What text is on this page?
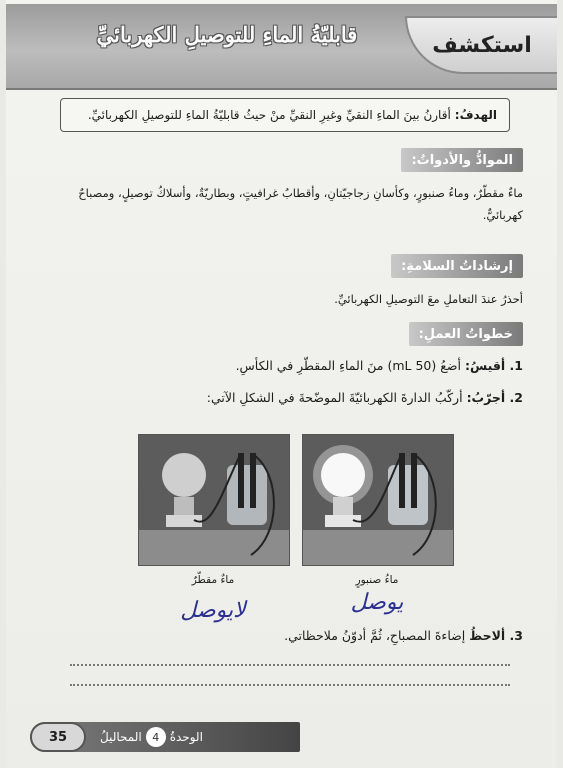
استكشف
قابليّةُ الماءِ للتوصيلِ الكهربائيِّ
الهدفُ:
أقارنُ بينَ الماءِ النقيِّ وغيرِ النقيِّ منْ حيثُ قابليّةُ الماءِ للتوصيلِ الكهربائيِّ.
الموادُّ والأدواتُ:
ماءٌ مقطّرٌ، وماءُ صنبورٍ، وكأسانِ زجاجيّتانِ، وأقطابُ غرافيتٍ، وبطاريّةٌ، وأسلاكُ توصيلٍ، ومصباحٌ كهربائيٌّ.
إرشاداتُ السلامةِ:
أحذرُ عندَ التعاملِ معَ التوصيلِ الكهربائيِّ.
خطواتُ العملِ:
1. أقيسُ: أضعُ (50 mL) منَ الماءِ المقطّرِ في الكأسِ.
2. أجرّبُ: أركّبُ الدارةَ الكهربائيّةَ الموضّحةَ في الشكلِ الآتي:
ماءُ صنبورٍ
ماءٌ مقطّرٌ
يوصل
لايوصل
3. ألاحظُ إضاءةَ المصباحِ، ثُمَّ أدوّنُ ملاحظاتي.
35	الوحدةُ
4
المحاليلُ
